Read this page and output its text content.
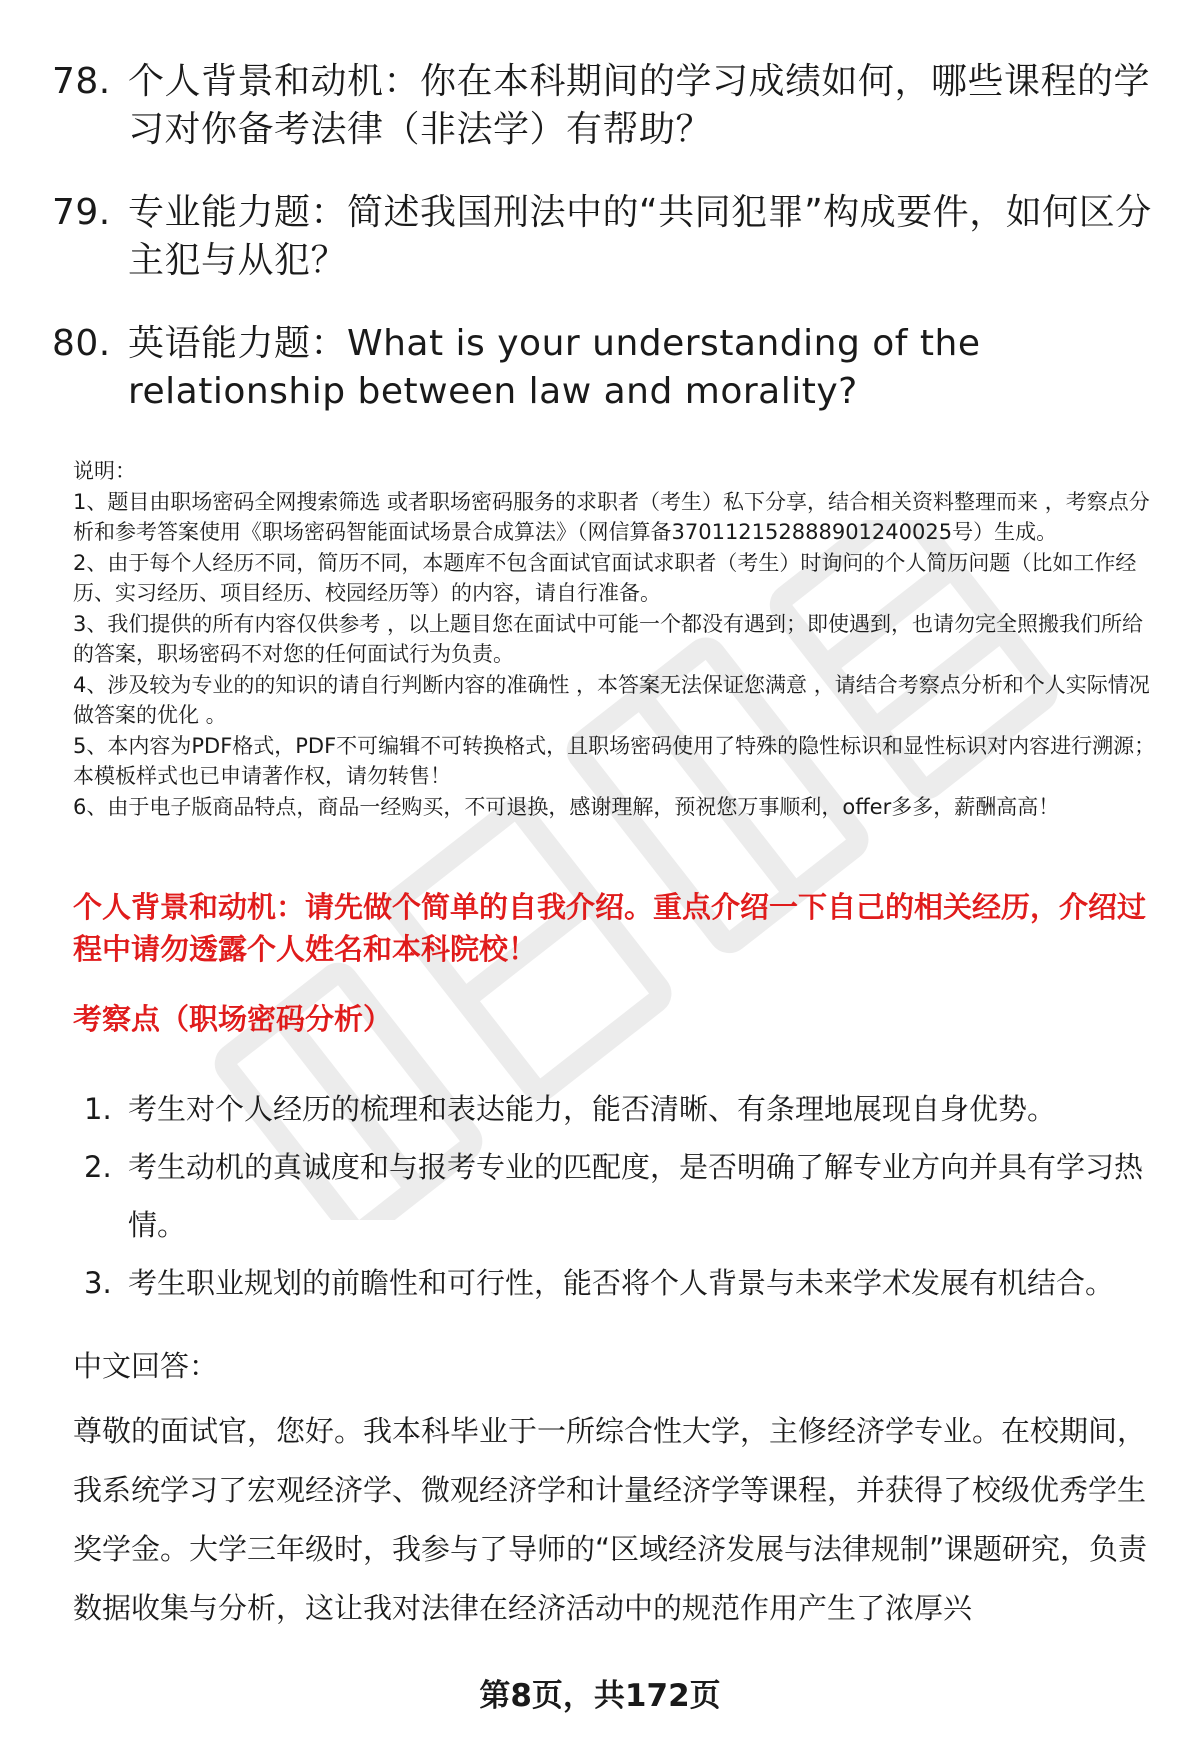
78. 个人背景和动机：你在本科期间的学习成绩如何，哪些课程的学习对你备考法律（非法学）有帮助？
79. 专业能力题：简述我国刑法中的“共同犯罪”构成要件，如何区分主犯与从犯？
80. 英语能力题：What is your understanding of the relationship between law and morality?

说明：

1、题目由职场密码全网搜索筛选 或者职场密码服务的求职者（考生）私下分享，结合相关资料整理而来 ，考察点分析和参考答案使用《职场密码智能面试场景合成算法》（网信算备370112152888901240025号）生成。

2、由于每个人经历不同，简历不同，本题库不包含面试官面试求职者（考生）时询问的个人简历问题（比如工作经历、实习经历、项目经历、校园经历等）的内容，请自行准备。

3、我们提供的所有内容仅供参考 ，以上题目您在面试中可能一个都没有遇到；即使遇到，也请勿完全照搬我们所给的答案，职场密码不对您的任何面试行为负责。

4、涉及较为专业的的知识的请自行判断内容的准确性 ，本答案无法保证您满意 ，请结合考察点分析和个人实际情况做答案的优化 。

5、本内容为PDF格式，PDF不可编辑不可转换格式，且职场密码使用了特殊的隐性标识和显性标识对内容进行溯源；本模板样式也已申请著作权，请勿转售！

6、由于电子版商品特点，商品一经购买，不可退换，感谢理解，预祝您万事顺利，offer多多，薪酬高高！

个人背景和动机：请先做个简单的自我介绍。重点介绍一下自己的相关经历，介绍过程中请勿透露个人姓名和本科院校！
考察点（职场密码分析）
1. 考生对个人经历的梳理和表达能力，能否清晰、有条理地展现自身优势。
2. 考生动机的真诚度和与报考专业的匹配度，是否明确了解专业方向并具有学习热情。
3. 考生职业规划的前瞻性和可行性，能否将个人背景与未来学术发展有机结合。
中文回答：
尊敬的面试官，您好。我本科毕业于一所综合性大学，主修经济学专业。在校期间，我系统学习了宏观经济学、微观经济学和计量经济学等课程，并获得了校级优秀学生奖学金。大学三年级时，我参与了导师的“区域经济发展与法律规制”课题研究，负责数据收集与分析，这让我对法律在经济活动中的规范作用产生了浓厚兴
第8页，共172页
